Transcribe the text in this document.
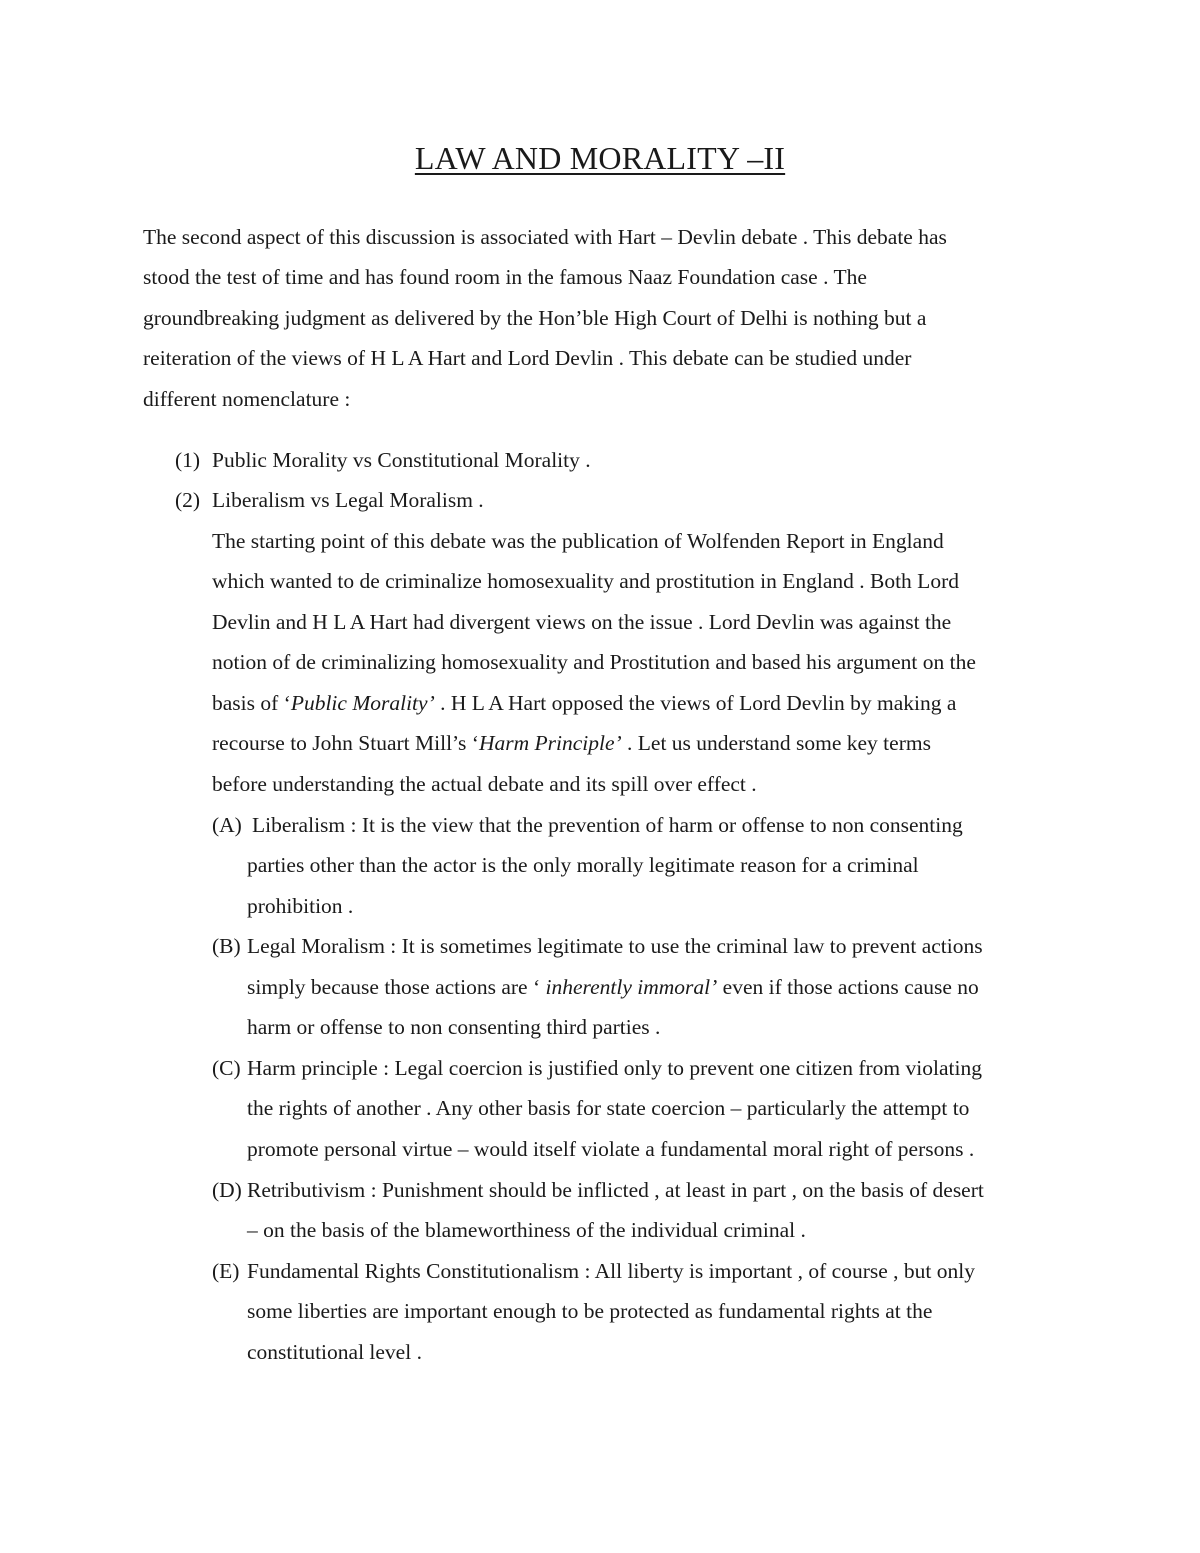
LAW AND MORALITY –II
The second aspect of this discussion is associated with Hart – Devlin debate . This debate has
stood the test of time and has found room in the famous Naaz Foundation case . The
groundbreaking judgment as delivered by the Hon’ble High Court of Delhi is nothing but a
reiteration of the views of H L A Hart and Lord Devlin . This debate can be studied under
different nomenclature :
(1) Public Morality vs Constitutional Morality .
(2) Liberalism vs Legal Moralism .
The starting point of this debate was the publication of Wolfenden Report in England
which wanted to de criminalize homosexuality and prostitution in England . Both Lord
Devlin and H L A Hart had divergent views on the issue . Lord Devlin was against the
notion of de criminalizing homosexuality and Prostitution and based his argument on the
basis of ‘Public Morality’ . H L A Hart opposed the views of Lord Devlin by making a
recourse to John Stuart Mill’s ‘Harm Principle’ . Let us understand some key terms
before understanding the actual debate and its spill over effect .
(A) Liberalism : It is the view that the prevention of harm or offense to non consenting
parties other than the actor is the only morally legitimate reason for a criminal
prohibition .
(B) Legal Moralism : It is sometimes legitimate to use the criminal law to prevent actions
simply because those actions are ‘ inherently immoral’ even if those actions cause no
harm or offense to non consenting third parties .
(C) Harm principle : Legal coercion is justified only to prevent one citizen from violating
the rights of another . Any other basis for state coercion – particularly the attempt to
promote personal virtue – would itself violate a fundamental moral right of persons .
(D) Retributivism : Punishment should be inflicted , at least in part , on the basis of desert
– on the basis of the blameworthiness of the individual criminal .
(E) Fundamental Rights Constitutionalism : All liberty is important , of course , but only
some liberties are important enough to be protected as fundamental rights at the
constitutional level .
